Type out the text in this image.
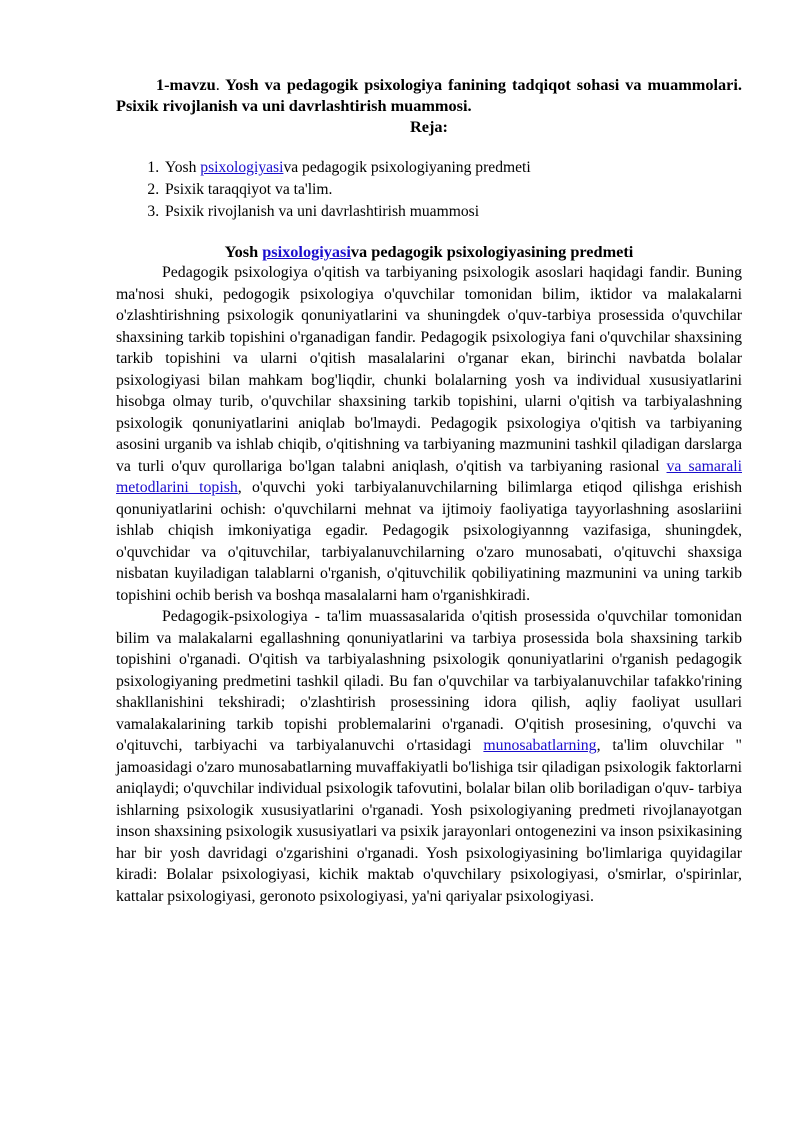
1-mavzu. Yosh va pedagogik psixologiya fanining tadqiqot sohasi va muammolari. Psixik rivojlanish va uni davrlashtirish muammosi.

Reja:

1. Yosh psixologiyasiva pedagogik psixologiyaning predmeti
2. Psixik taraqqiyot va ta'lim.
3. Psixik rivojlanish va uni davrlashtirish muammosi

Yosh psixologiyasiva pedagogik psixologiyasining predmeti

Pedagogik psixologiya o'qitish va tarbiyaning psixologik asoslari haqidagi fandir. Buning ma'nosi shuki, pedogogik psixologiya o'quvchilar tomonidan bilim, iktidor va malakalarni o'zlashtirishning psixologik qonuniyatlarini va shuningdek o'quv-tarbiya prosessida o'quvchilar shaxsining tarkib topishini o'rganadigan fandir. Pedagogik psixologiya fani o'quvchilar shaxsining tarkib topishini va ularni o'qitish masalalarini o'rganar ekan, birinchi navbatda bolalar psixologiyasi bilan mahkam bog'liqdir, chunki bolalarning yosh va individual xususiyatlarini hisobga olmay turib, o'quvchilar shaxsining tarkib topishini, ularni o'qitish va tarbiyalashning psixologik qonuniyatlarini aniqlab bo'lmaydi. Pedagogik psixologiya o'qitish va tarbiyaning asosini urganib va ishlab chiqib, o'qitishning va tarbiyaning mazmunini tashkil qiladigan darslarga va turli o'quv qurollariga bo'lgan talabni aniqlash, o'qitish va tarbiyaning rasional va samarali metodlarini topish, o'quvchi yoki tarbiyalanuvchilarning bilimlarga etiqod qilishga erishish qonuniyatlarini ochish: o'quvchilarni mehnat va ijtimoiy faoliyatiga tayyorlashning asoslariini ishlab chiqish imkoniyatiga egadir. Pedagogik psixologiyannng vazifasiga, shuningdek, o'quvchidar va o'qituvchilar, tarbiyalanuvchilarning o'zaro munosabati, o'qituvchi shaxsiga nisbatan kuyiladigan talablarni o'rganish, o'qituvchilik qobiliyatining mazmunini va uning tarkib topishini ochib berish va boshqa masalalarni ham o'rganishkiradi.

Pedagogik-psixologiya - ta'lim muassasalarida o'qitish prosessida o'quvchilar tomonidan bilim va malakalarni egallashning qonuniyatlarini va tarbiya prosessida bola shaxsining tarkib topishini o'rganadi. O'qitish va tarbiyalashning psixologik qonuniyatlarini o'rganish pedagogik psixologiyaning predmetini tashkil qiladi. Bu fan o'quvchilar va tarbiyalanuvchilar tafakko'rining shakllanishini tekshiradi; o'zlashtirish prosessining idora qilish, aqliy faoliyat usullari vamalakalarining tarkib topishi problemalarini o'rganadi. O'qitish prosesining, o'quvchi va o'qituvchi, tarbiyachi va tarbiyalanuvchi o'rtasidagi munosabatlarning, ta'lim oluvchilar " jamoasidagi o'zaro munosabatlarning muvaffakiyatli bo'lishiga tsir qiladigan psixologik faktorlarni aniqlaydi; o'quvchilar individual psixologik tafovutini, bolalar bilan olib boriladigan o'quv- tarbiya ishlarning psixologik xususiyatlarini o'rganadi. Yosh psixologiyaning predmeti rivojlanayotgan inson shaxsining psixologik xususiyatlari va psixik jarayonlari ontogenezini va inson psixikasining har bir yosh davridagi o'zgarishini o'rganadi. Yosh psixologiyasining bo'limlariga quyidagilar kiradi: Bolalar psixologiyasi, kichik maktab o'quvchilary psixologiyasi, o'smirlar, o'spirinlar, kattalar psixologiyasi, geronoto psixologiyasi, ya'ni qariyalar psixologiyasi.
